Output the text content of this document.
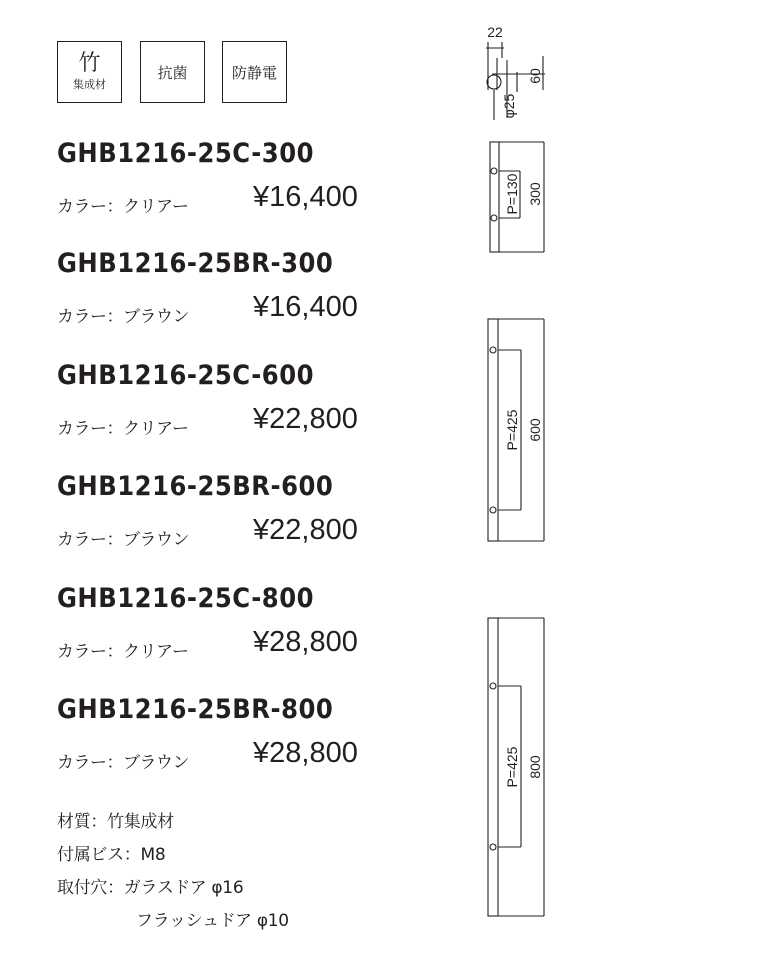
竹
集成材
抗菌	防静電
GHB1216-25C-300
カラー：クリアー ¥16,400
GHB1216-25BR-300
カラー：ブラウン ¥16,400
GHB1216-25C-600
カラー：クリアー ¥22,800
GHB1216-25BR-600
カラー：ブラウン ¥22,800
GHB1216-25C-800
カラー：クリアー ¥28,800
GHB1216-25BR-800
カラー：ブラウン ¥28,800
材質：竹集成材
付属ビス：M8
取付穴：ガラスドア φ16
フラッシュドア φ10
22
φ25
60
P=130 300
P=425 600
P=425 800
